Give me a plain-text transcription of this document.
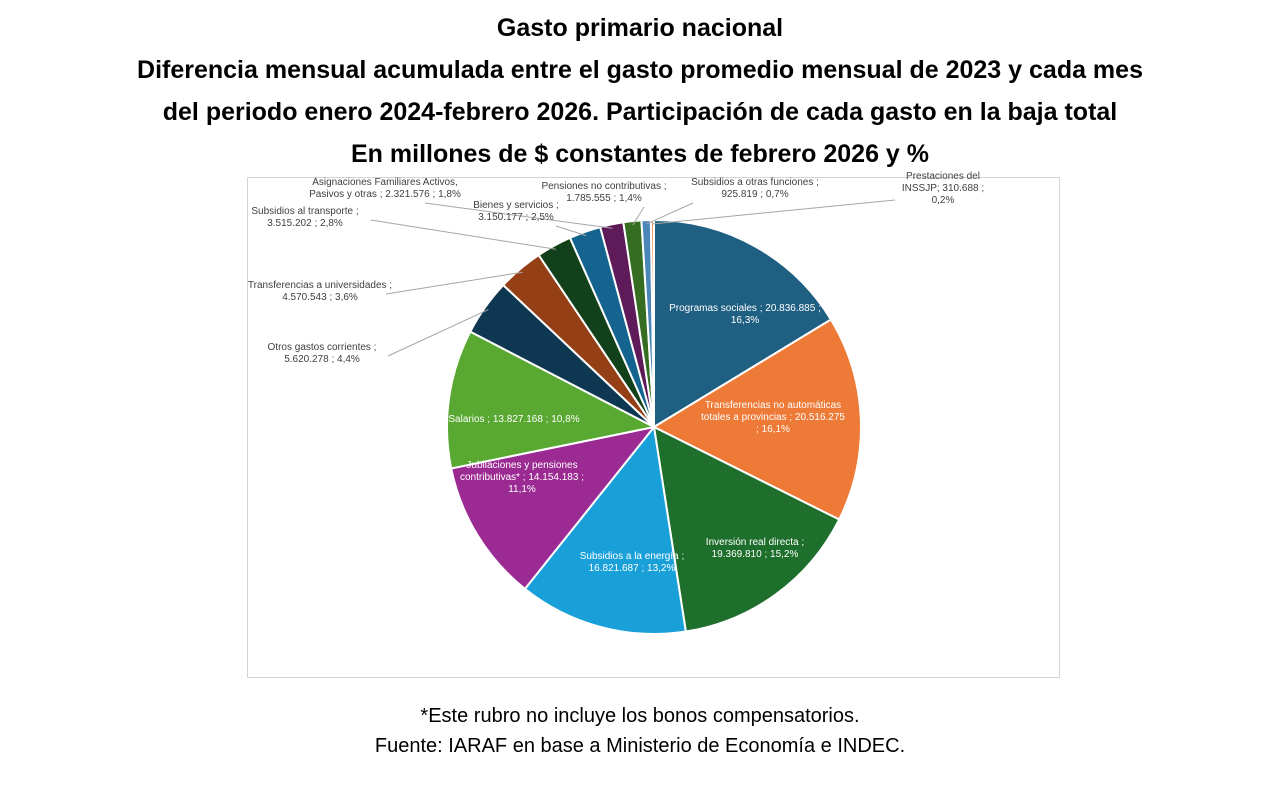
Gasto primario nacional
Diferencia mensual acumulada entre el gasto promedio mensual de 2023 y cada mes
del periodo enero 2024-febrero 2026. Participación de cada gasto en la baja total
En millones de $ constantes de febrero 2026 y %
Programas sociales ; 20.836.885 ; 16,3%
Transferencias no automáticas totales a provincias ; 20.516.275 ; 16,1%
Inversión real directa ; 19.369.810 ; 15,2%
Subsidios a la energía ; 16.821.687 ; 13,2%
Jubilaciones y pensiones contributivas* ; 14.154.183 ; 11,1%
Salarios ; 13.827.168 ; 10,8%
Otros gastos corrientes ; 5.620.278 ; 4,4%
Transferencias a universidades ; 4.570.543 ; 3,6%
Subsidios al transporte ; 3.515.202 ; 2,8%
Bienes y servicios ; 3.150.177 ; 2,5%
Asignaciones Familiares Activos, Pasivos y otras ; 2.321.576 ; 1,8%
Pensiones no contributivas ; 1.785.555 ; 1,4%
Subsidios a otras funciones ; 925.819 ; 0,7%
Prestaciones del INSSJP; 310.688 ; 0,2%
*Este rubro no incluye los bonos compensatorios.
Fuente: IARAF en base a Ministerio de Economía e INDEC.
